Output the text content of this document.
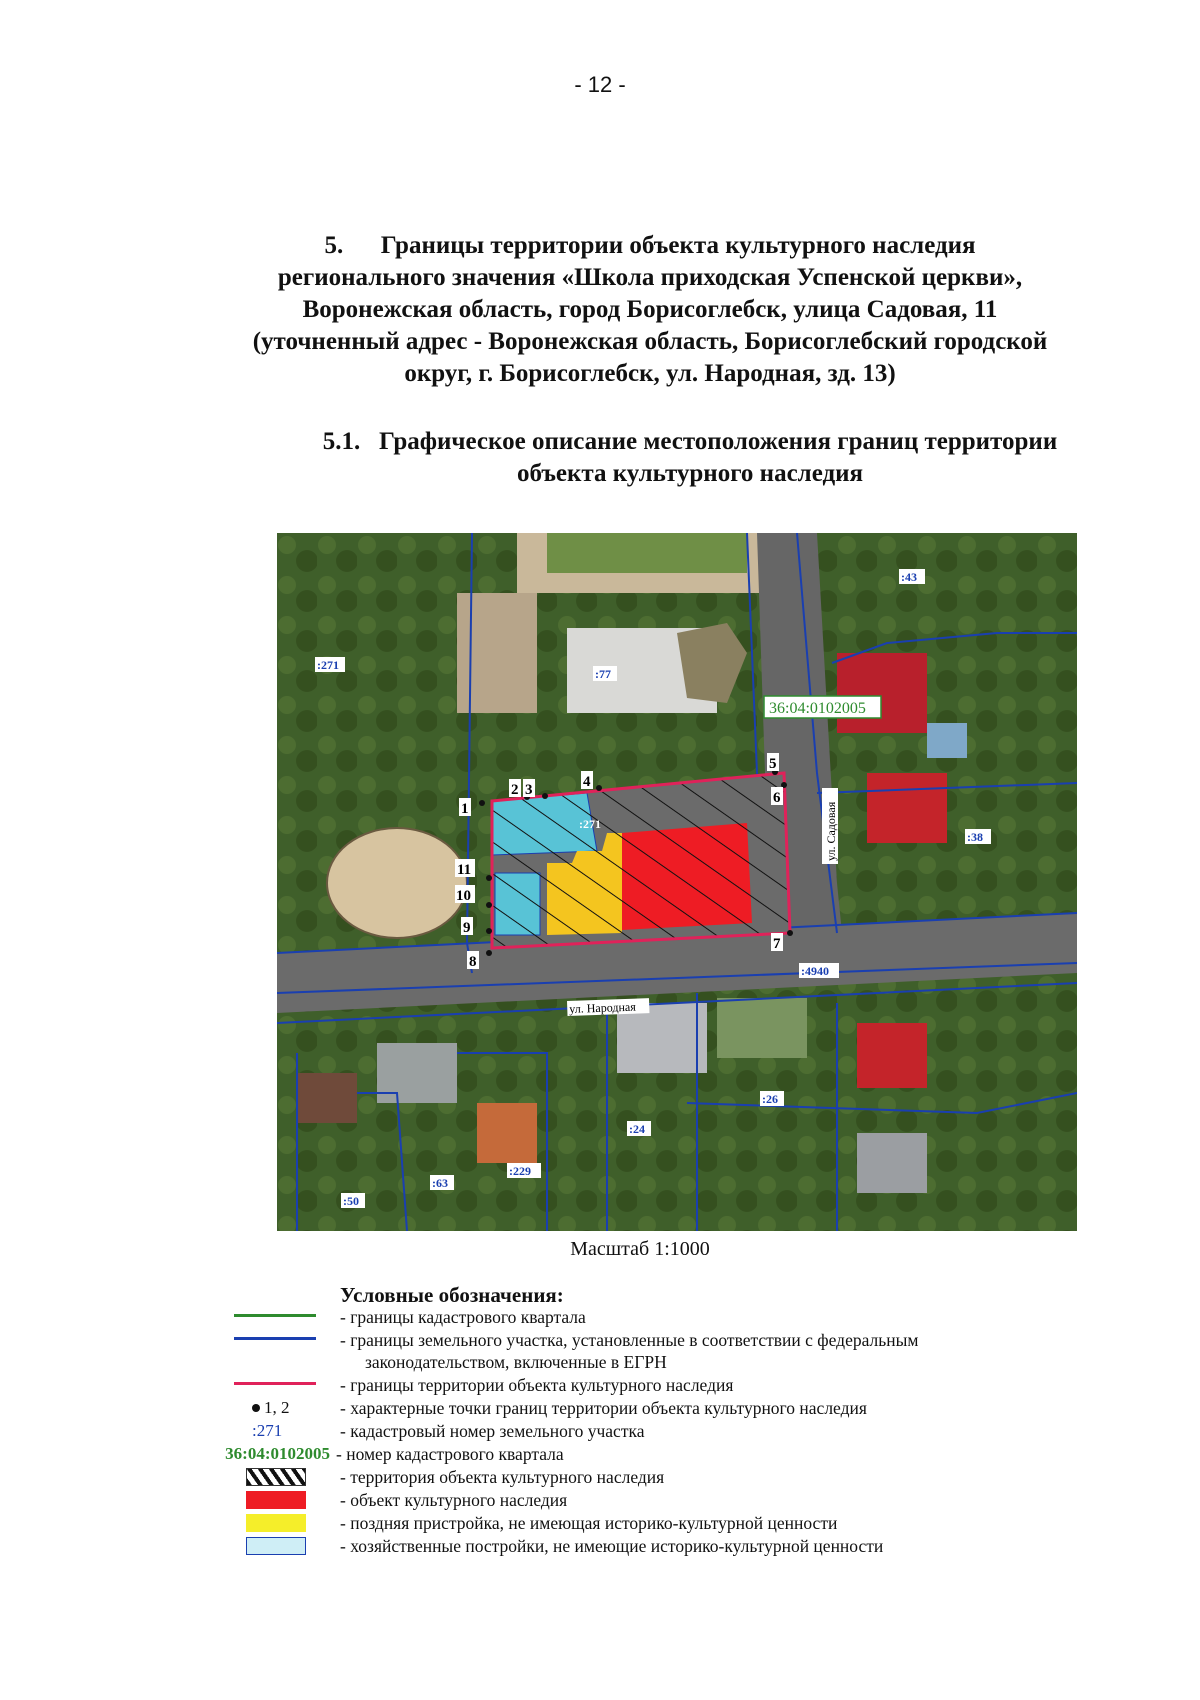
- 12 -
5.      Границы территории объекта культурного наследия
регионального значения «Школа приходская Успенской церкви»,
Воронежская область, город Борисоглебск, улица Садовая, 11
(уточненный адрес - Воронежская область, Борисоглебский городской
округ, г. Борисоглебск, ул. Народная, зд. 13)
5.1.   Графическое описание местоположения границ территории
объекта культурного наследия
1
2 3	4
5
6
7
8
9
10
11
:43
:271
:77
:271
:38
:4940
:26
:24
:50
:63
:229
36:04:0102005
ул. Народная
ул. Садовая
Масштаб 1:1000
Условные обозначения:
- границы кадастрового квартала
- границы земельного участка, установленные в соответствии с федеральным
законодательством, включенные в ЕГРН
- границы территории объекта культурного наследия
1, 2	- характерные точки границ территории объекта культурного наследия
:271	- кадастровый номер земельного участка
36:04:0102005 - номер кадастрового квартала
- территория объекта культурного наследия
- объект культурного наследия
- поздняя пристройка, не имеющая историко-культурной ценности
- хозяйственные постройки, не имеющие историко-культурной ценности
